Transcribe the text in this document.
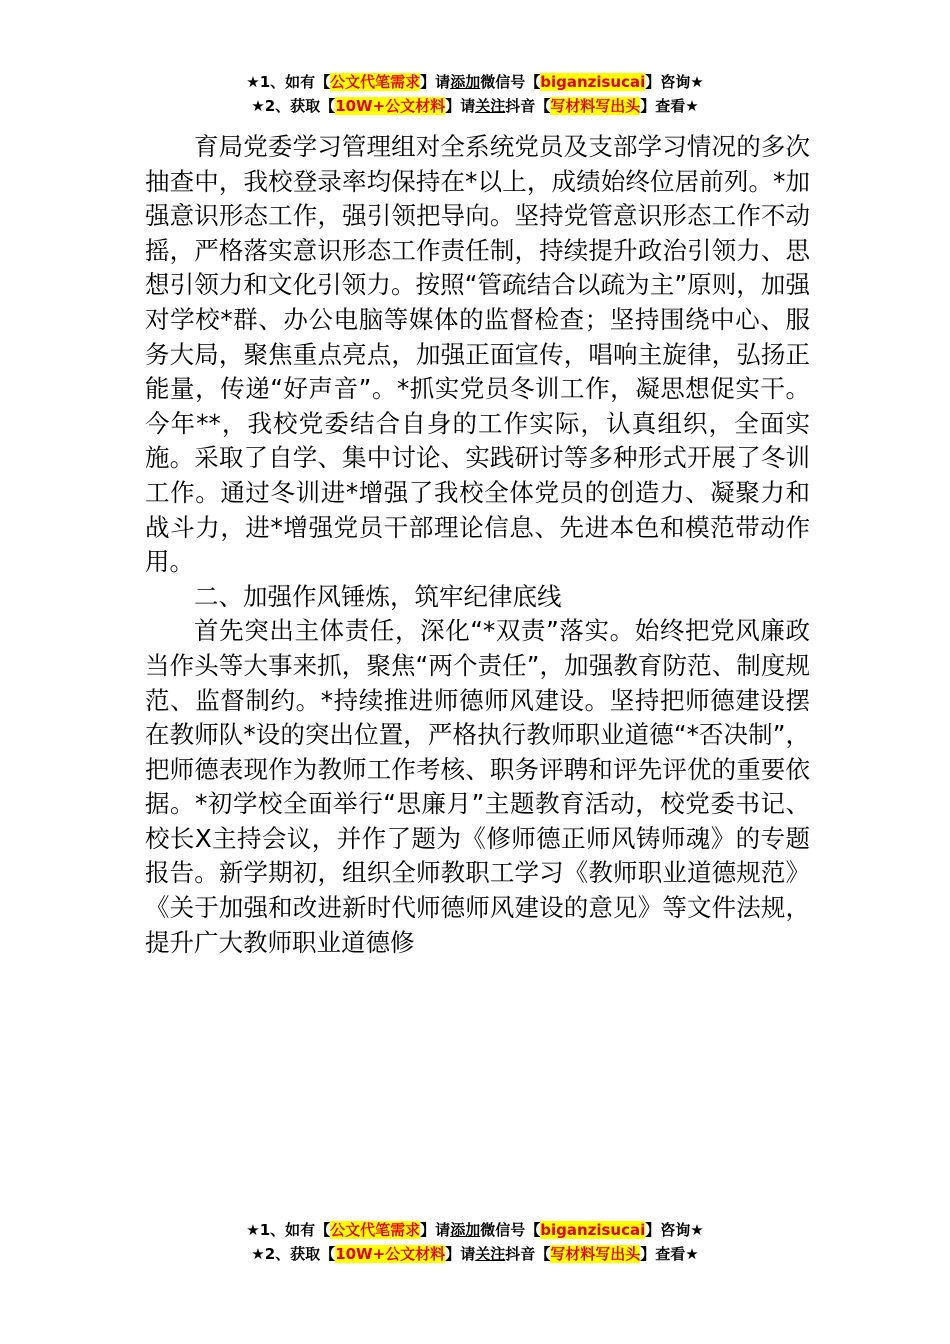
★1、如有【公文代笔需求】请添加微信号【biganzisucai】咨询★
★2、获取【10W+公文材料】请关注抖音【写材料写出头】查看★

育局党委学习管理组对全系统党员及支部学习情况的多次抽查中，我校登录率均保持在*以上，成绩始终位居前列。*加强意识形态工作，强引领把导向。坚持党管意识形态工作不动摇，严格落实意识形态工作责任制，持续提升政治引领力、思想引领力和文化引领力。按照“管疏结合以疏为主”原则，加强对学校*群、办公电脑等媒体的监督检查；坚持围绕中心、服务大局，聚焦重点亮点，加强正面宣传，唱响主旋律，弘扬正能量，传递“好声音”。*抓实党员冬训工作，凝思想促实干。今年**，我校党委结合自身的工作实际，认真组织，全面实施。采取了自学、集中讨论、实践研讨等多种形式开展了冬训工作。通过冬训进*增强了我校全体党员的创造力、凝聚力和战斗力，进*增强党员干部理论信息、先进本色和模范带动作用。

二、加强作风锤炼，筑牢纪律底线

首先突出主体责任，深化“*双责”落实。始终把党风廉政当作头等大事来抓，聚焦“两个责任”，加强教育防范、制度规范、监督制约。*持续推进师德师风建设。坚持把师德建设摆在教师队*设的突出位置，严格执行教师职业道德“*否决制”，把师德表现作为教师工作考核、职务评聘和评先评优的重要依据。*初学校全面举行“思廉月”主题教育活动，校党委书记、校长X主持会议，并作了题为《修师德正师风铸师魂》的专题报告。新学期初，组织全师教职工学习《教师职业道德规范》《关于加强和改进新时代师德师风建设的意见》等文件法规，提升广大教师职业道德修

★1、如有【公文代笔需求】请添加微信号【biganzisucai】咨询★
★2、获取【10W+公文材料】请关注抖音【写材料写出头】查看★
